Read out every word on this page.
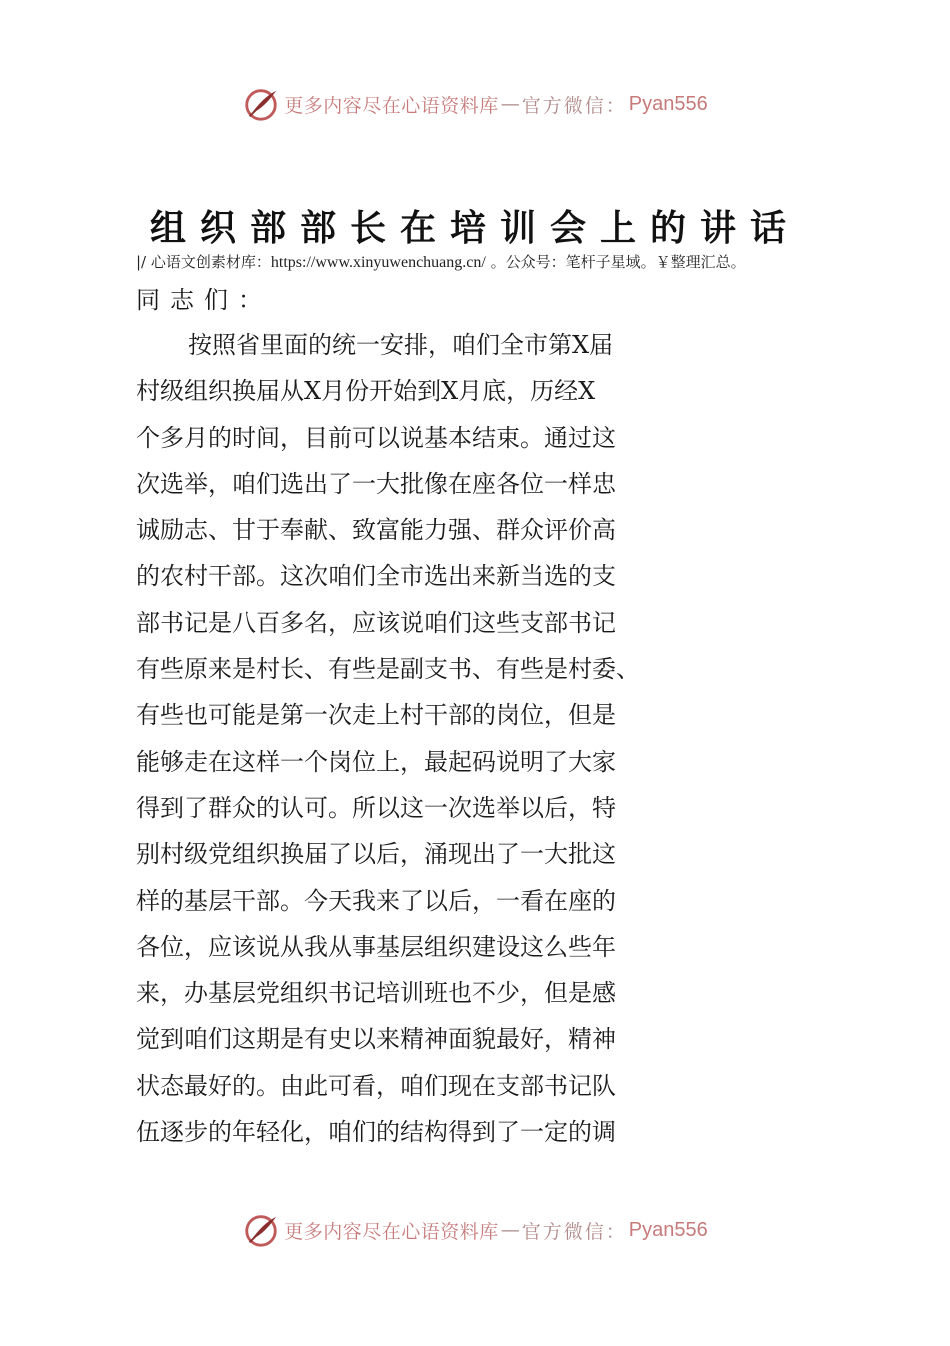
更多内容尽在心语资料库 — 官方微信： Pyan556
组织部部长在培训会上的讲话
|/ 心语文创素材库：https://www.xinyuwenchuang.cn/ 。公众号：笔杆子星域。￥整理汇总。
同志们：
按照省里面的统一安排，咱们全市第X届
村级组织换届从X月份开始到X月底，历经X
个多月的时间，目前可以说基本结束。通过这
次选举，咱们选出了一大批像在座各位一样忠
诚励志、甘于奉献、致富能力强、群众评价高
的农村干部。这次咱们全市选出来新当选的支
部书记是八百多名，应该说咱们这些支部书记
有些原来是村长、有些是副支书、有些是村委、
有些也可能是第一次走上村干部的岗位，但是
能够走在这样一个岗位上，最起码说明了大家
得到了群众的认可。所以这一次选举以后，特
别村级党组织换届了以后，涌现出了一大批这
样的基层干部。今天我来了以后，一看在座的
各位，应该说从我从事基层组织建设这么些年
来，办基层党组织书记培训班也不少，但是感
觉到咱们这期是有史以来精神面貌最好，精神
状态最好的。由此可看，咱们现在支部书记队
伍逐步的年轻化，咱们的结构得到了一定的调
更多内容尽在心语资料库 — 官方微信： Pyan556
